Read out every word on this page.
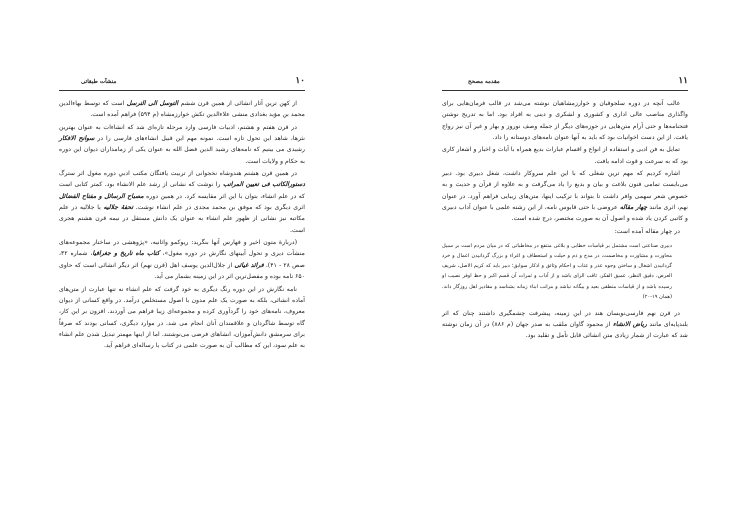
۱۰
منشآت طبقاتی

از کهن ترین آثار انشائی از همین قرن ششم التوسل الی الترسل است که توسط بهاءالدین محمد بن مؤید بغدادی منشی علاءالدین تکش خوارزمشاه (م ۵۹۴) فراهم آمده است.

در قرن هفتم و هشتم، ادبیات فارسی وارد مرحله تازه‌ای شد که انشاءات به عنوان بهترین نثرها، شاهد این تحول تازه است. نمونه مهم این قبیل انشاءهای فارسی را در سوانح الافکار رشیدی می بینیم که نامه‌های رشید الدین فضل الله به عنوان یکی از زمامداران دیوان این دوره به حکام و ولایات است.

در همین قرن هشتم هندوشاه نخجوانی از تربیت یافتگان مکتب ادبیِ دوره مغول اثر سترگ دستورالکاتب فی تعیین المراتب را نوشت که نشانی از رشد علم الانشاء بود. کمتر کتابی است که در علم انشاء، بتوان با این اثر مقایسه کرد. در همین دوره مصباح الرسائل و مفتاح الفضائل اثری دیگری بود که موفق بن محمد مجدی در علم انشاء نوشت. تحفهٔ جلالیه یا جلالیه در علم مکاتبه نیز نشانی از ظهور علم انشاء به عنوان یک دانش مستقل در نیمه قرن هشتم هجری است.

(دربارهٔ متون اخیر و فهارس آنها بنگرید: ریوکمو واثانیه، «پژوهشی در ساختار مجموعه‌های منشآت دیری و تحول آیینهای نگارش در دوره مغول»، کتاب ماه تاریخ و جغرافیا، شماره ۳۲، صص ۲۸ - ۴۱). فرائد غیاثی از جلال‌الدین یوسف اهل (قرن نهم) اثر دیگر انشائی است که حاوی ۶۵۰ نامه بوده و مفصل‌ترین اثر در این زمینه بشمار می آید.

نامه نگارش در این دوره رنگ دیگری به خود گرفت که علم انشاء نه تنها عبارت از متن‌های آماده انشائی، بلکه به صورت یک علم مدون با اصول مستخلص درآمد. در واقع کسانی از دیوان معروف، نامه‌های خود را گردآوری کرده و مجموعه‌ای زیبا فراهم می آوردند. افزون بر این کار، گاه توسط شاگردان و علاقمندان آنان انجام می شد. در موارد دیگری، کسانی بودند که صرفاً برای سرمشق دانش‌آموزان، انشاهای فرضی می‌نوشتند. اما از اینها مهمتر تبدیل شدن علم انشاء به علم سود، این که مطالب آن به صورت علمی در کتاب یا رساله‌ای فراهم آید.

۱۱
مقدمه مصحح

غالب آنچه در دوره سلجوقیان و خوارزمشاهیان نوشته می‌شد در قالب فرمان‌هایی برای واگذاری مناصب عالی اداری و کشوری و لشکری و دینی به افراد بود. اما به تدریج نوشتن فتحنامه‌ها و حتی آرام متن‌هایی در حوزه‌های دیگر از جمله وصف نوروز و بهار و غیر آن نیز رواج یافت. از این دست اخوانیات بود که باید به آنها عنوان نامه‌های دوستانه را داد.

تمایل به فن ادبی و استفاده از انواع و اقسام عبارات بدیع همراه با آیات و اخبار و اشعار کاری بود که به سرعت و قوت ادامه یافت.

اشاره کردیم که مهم ترین شغلی که با این علم سروکار داشت، شغل دبیری بود. دبیر می‌بایست تمامی فنون بلاغت و بیان و بدیع را یاد می‌گرفت و به علاوه از قرآن و حدیث و به خصوص شعر سهمی وافر داشت تا بتواند با ترکیب اینها، متن‌های زیبایی فراهم آورد. در عنوان نهم، اثری مانند چهار مقاله عروضی با حتی قابوس نامه، از این رشته علمی با عنوان آداب دبیری و کاتبی کردن یاد شده و اصول آن به صورت مختصر، درج شده است.

در چهار مقاله آمده است:

دبیری صناعتی است مشتمل بر قیاسات خطابی و بلاغی منتفع در مخاطباتی که در میان مردم است بر سبیل محاورت و مشاورت و مخاصمت، در مدح و ذم و حیلت و استعطاف و اغراء و بزرگ گردانیدن اعمال و خرد گردانیدن اشغال و ساختن وجوه عذر و عتاب و احکام وثائق و اذکار سوابق؛ دبیر باید که کریم الاصل، شریف العرض، دقیق النظر، عمیق الفکر، ثاقب الرای باشد و از آداب و ثمرات آن قسم اکبر و حظ اوفر نصیب او رسیده باشد و از قیاسات منطقی بعید و بیگانه نباشد و مراتب ابناء زمانه بشناسد و مقادیر اهل روزگار داند. (همان ۱۹-۲۰)

در قرن نهم فارسی‌نویسان هند در این زمینه، پیشرفت چشمگیری داشتند چنان که اثر بلندپایه‌ای مانند ریاض الانشاء از محمود گاوان ملقب به صدر جهان (م ۸۸۶) در آن زمان نوشته شد که عبارت از شمار زیادی متن انشائی قابل تأمل و تقلید بود.
